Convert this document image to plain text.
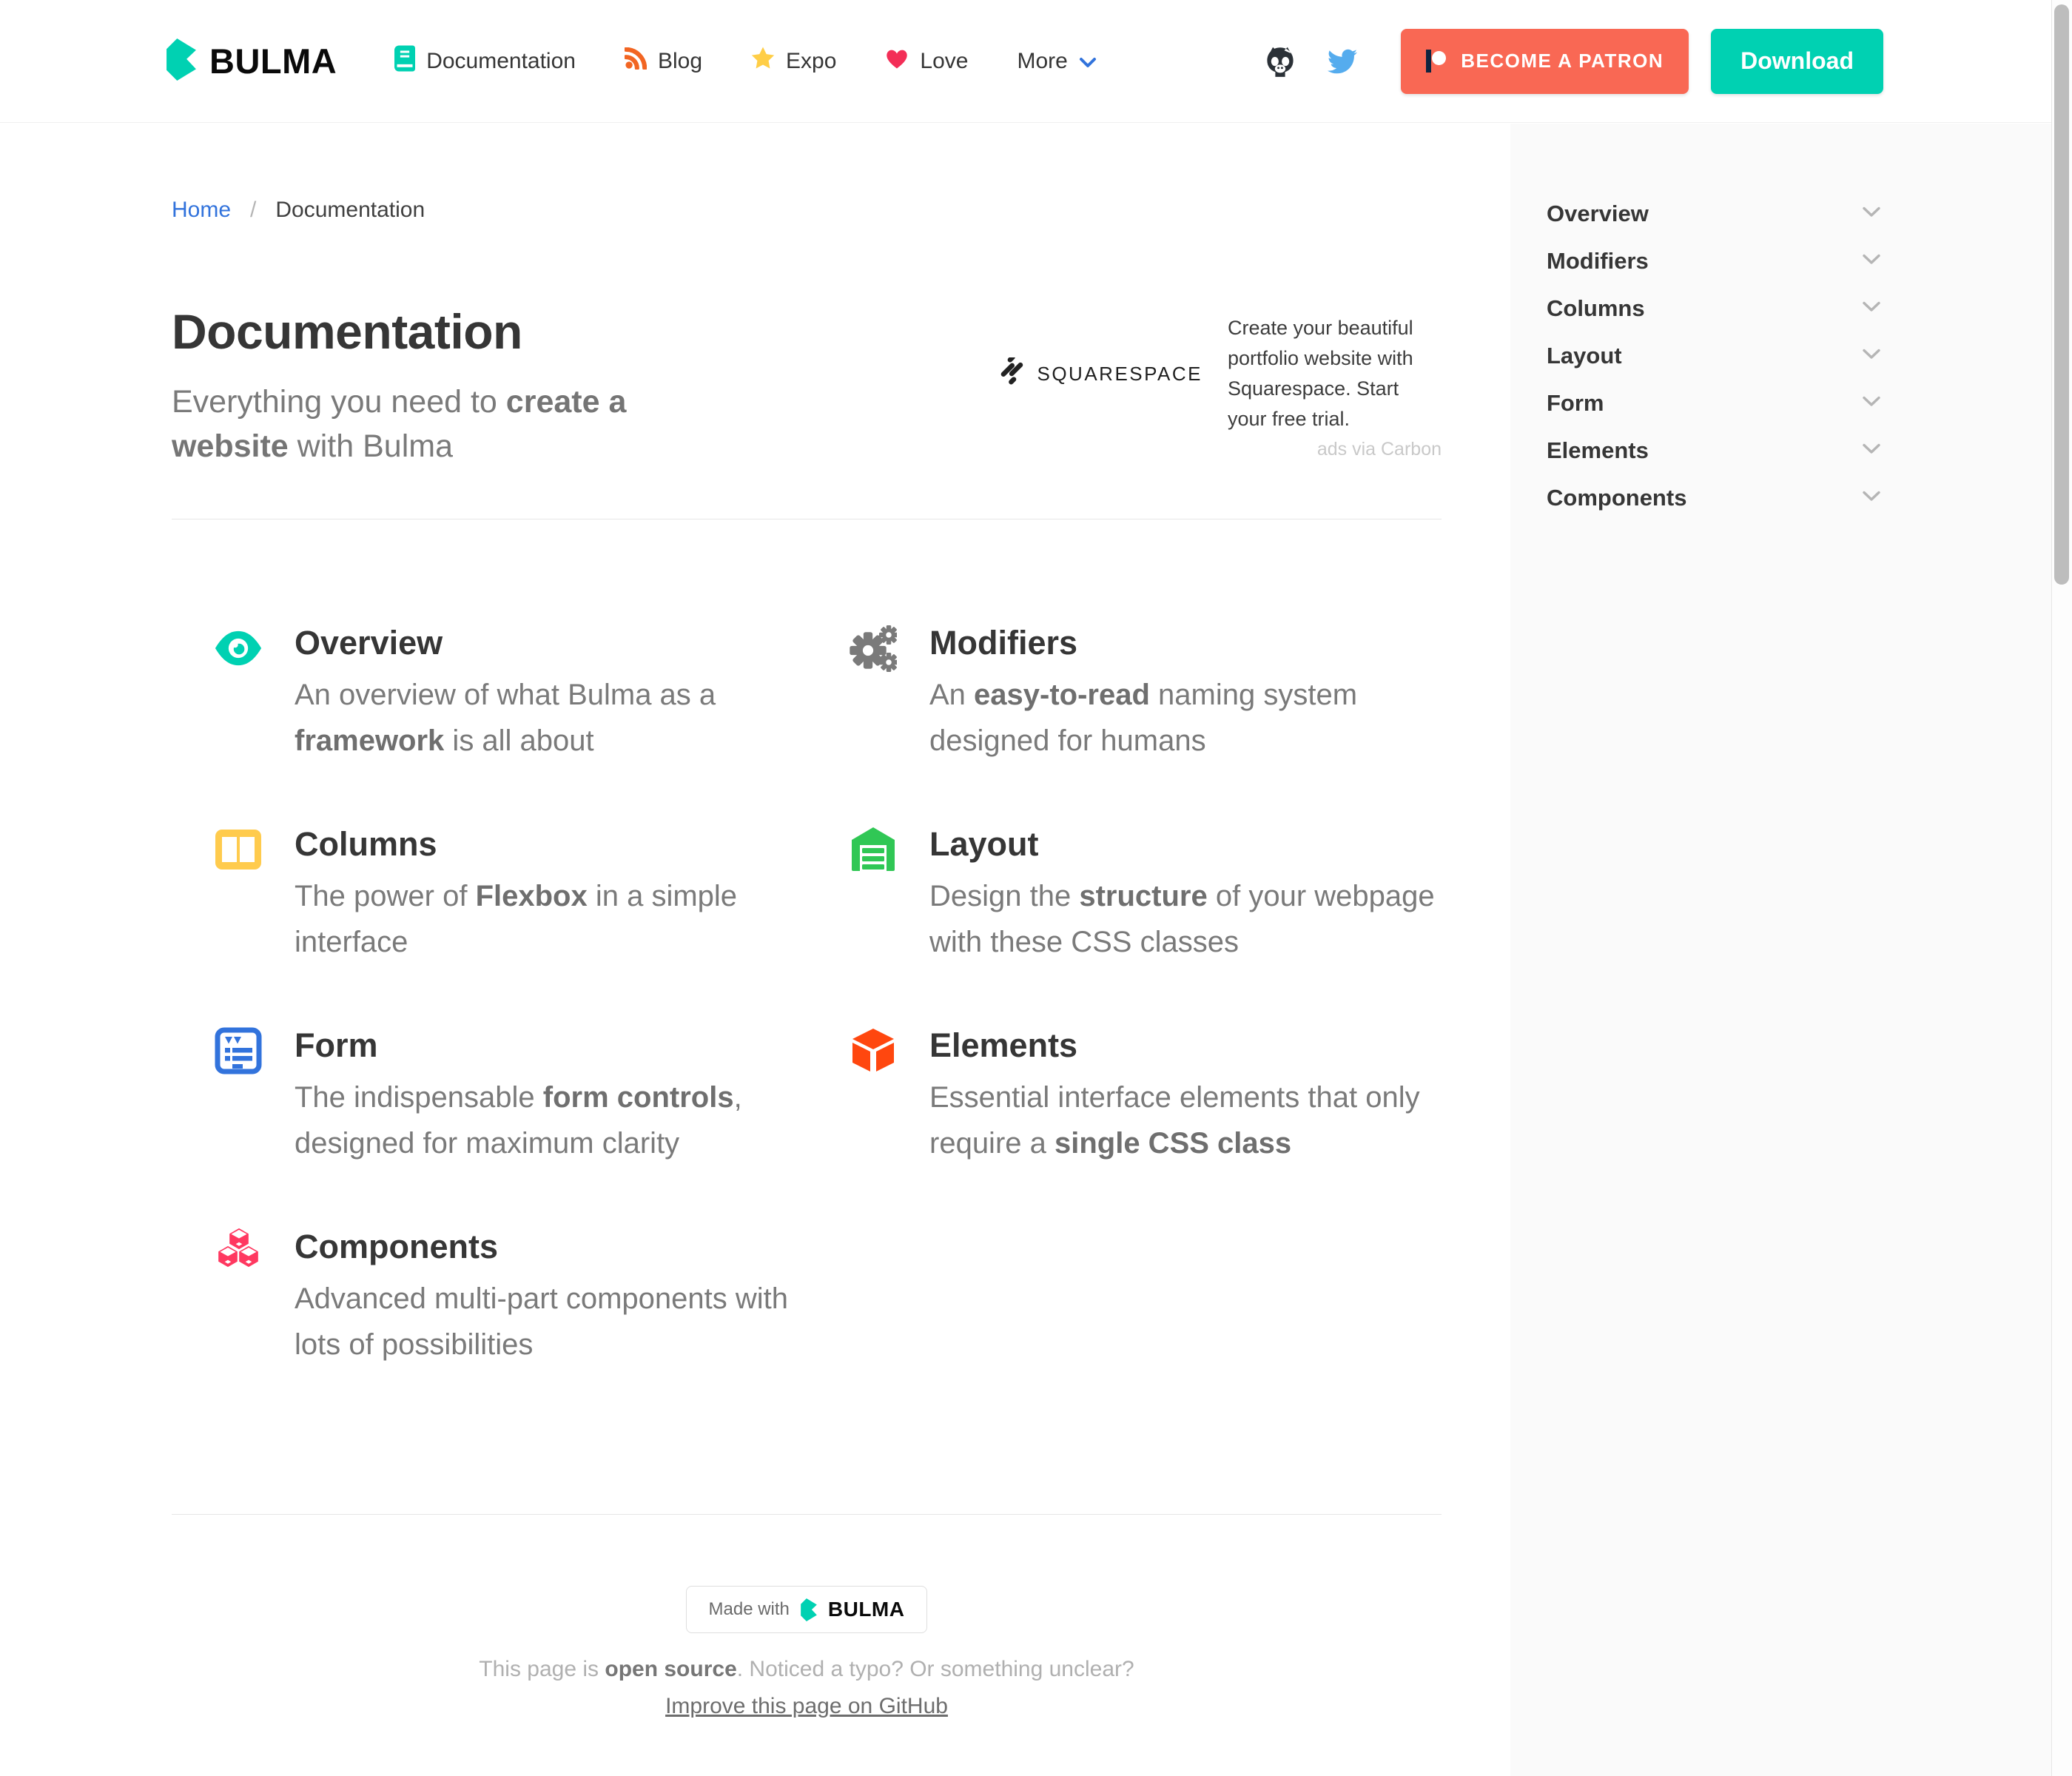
BULMA	Documentation	Blog	Expo	Love More	BECOME A PATRON	Download
Home / Documentation
Documentation

Everything you need to create a website with Bulma

SQUARESPACE
Create your beautiful portfolio website with Squarespace. Start your free trial.
ads via Carbon
Overview
An overview of what Bulma as a framework is all about
Modifiers
An easy-to-read naming system designed for humans
Columns
The power of Flexbox in a simple interface
Layout
Design the structure of your webpage with these CSS classes
Form
The indispensable form controls, designed for maximum clarity
Elements
Essential interface elements that only require a single CSS class
Components
Advanced multi-part components with lots of possibilities
Made with BULMA
This page is open source. Noticed a typo? Or something unclear?
Improve this page on GitHub
Overview
Modifiers
Columns
Layout
Form
Elements
Components
